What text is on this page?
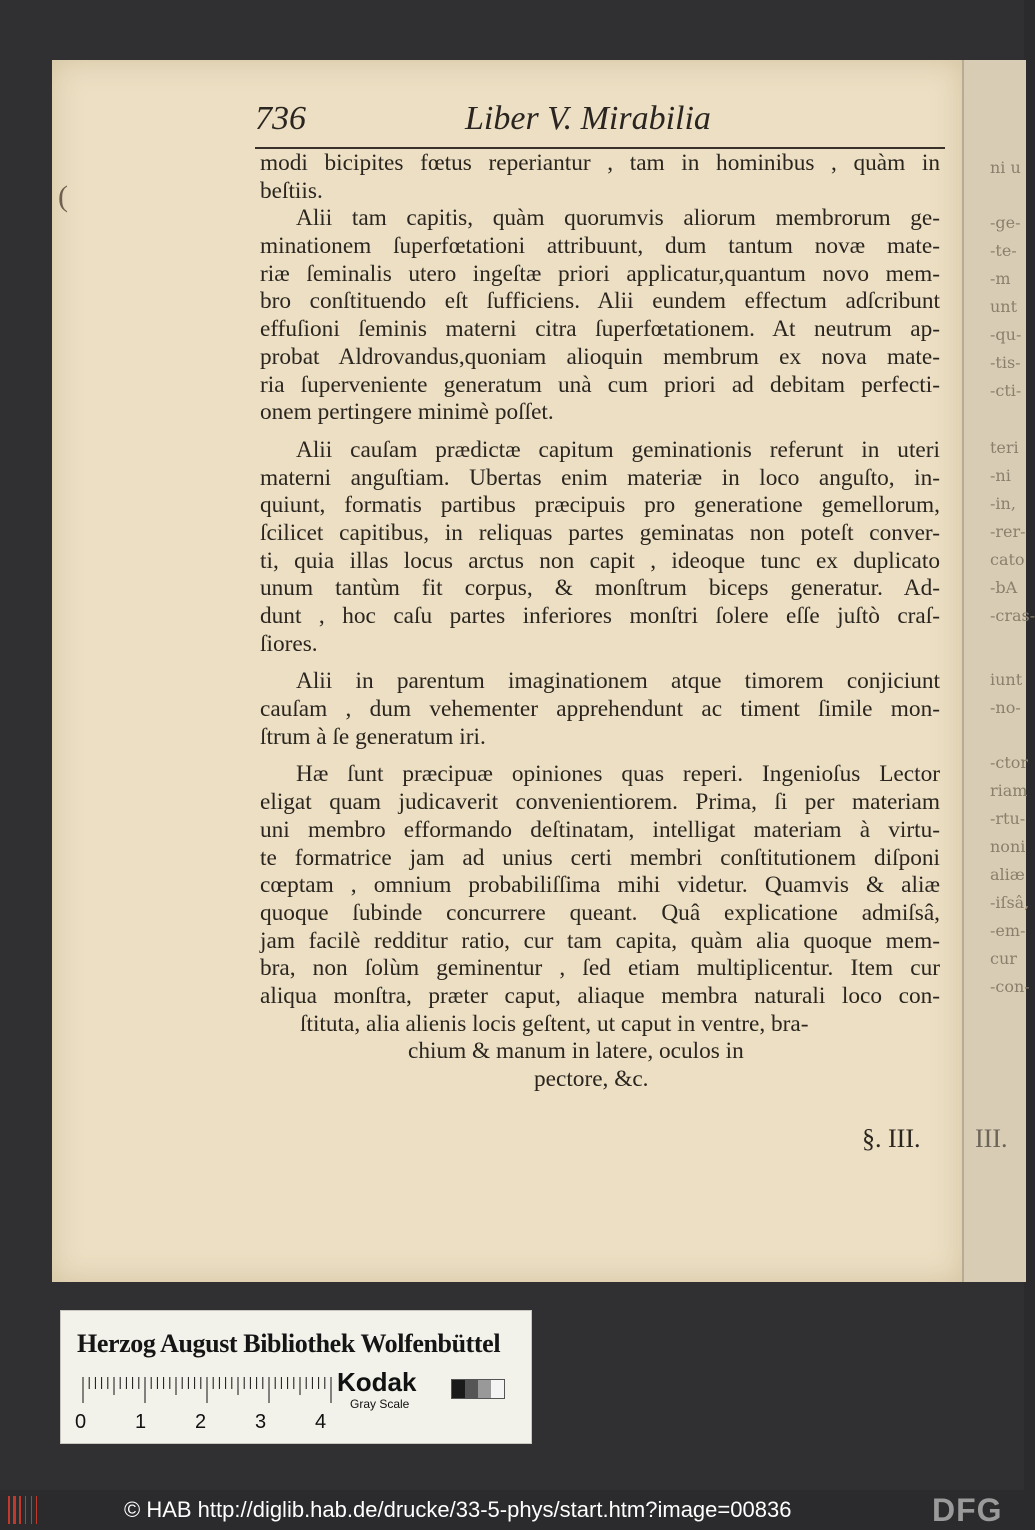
ni u
-ge-
-te-
-m
unt
-qu-
-tis-
-cti-
teri
-ni
-in,
-rer-
cato
-bA
-cras-
iunt
-no-
-ctor
riam
-rtu-
noni
aliæ
-iſsâ,
-em-
cur
-con-
(
736	Liber V. Mirabilia
modi bicipites fœtus reperiantur , tam in hominibus , quàm in
beſtiis.
Alii tam capitis, quàm quorumvis aliorum membrorum ge-
minationem ſuperfœtationi attribuunt, dum tantum novæ mate-
riæ ſeminalis utero ingeſtæ priori applicatur,quantum novo mem-
bro conſtituendo eſt ſufficiens. Alii eundem effectum adſcribunt
effuſioni ſeminis materni citra ſuperfœtationem. At neutrum ap-
probat Aldrovandus,quoniam alioquin membrum ex nova mate-
ria ſuperveniente generatum unà cum priori ad debitam perfecti-
onem pertingere minimè poſſet.
Alii cauſam prædictæ capitum geminationis referunt in uteri
materni anguſtiam. Ubertas enim materiæ in loco anguſto, in-
quiunt, formatis partibus præcipuis pro generatione gemellorum,
ſcilicet capitibus, in reliquas partes geminatas non poteſt conver-
ti, quia illas locus arctus non capit , ideoque tunc ex duplicato
unum tantùm fit corpus, & monſtrum biceps generatur. Ad-
dunt , hoc caſu partes inferiores monſtri ſolere eſſe juſtò craſ-
ſiores.
Alii in parentum imaginationem atque timorem conjiciunt
cauſam , dum vehementer apprehendunt ac timent ſimile mon-
ſtrum à ſe generatum iri.
Hæ ſunt præcipuæ opiniones quas reperi. Ingenioſus Lector
eligat quam judicaverit convenientiorem. Prima, ſi per materiam
uni membro efformando deſtinatam, intelligat materiam à virtu-
te formatrice jam ad unius certi membri conſtitutionem diſponi
cœptam , omnium probabiliſſima mihi videtur. Quamvis & aliæ
quoque ſubinde concurrere queant. Quâ explicatione admiſsâ,
jam facilè redditur ratio, cur tam capita, quàm alia quoque mem-
bra, non ſolùm geminentur , ſed etiam multiplicentur. Item cur
aliqua monſtra, præter caput, aliaque membra naturali loco con-
ſtituta, alia alienis locis geſtent, ut caput in ventre, bra-
chium & manum in latere, oculos in
pectore, &c.
§. III. III.
Herzog August Bibliothek Wolfenbüttel
0 1 2 3 4
Kodak
Gray Scale
© HAB http://diglib.hab.de/drucke/33-5-phys/start.htm?image=00836	DFG
